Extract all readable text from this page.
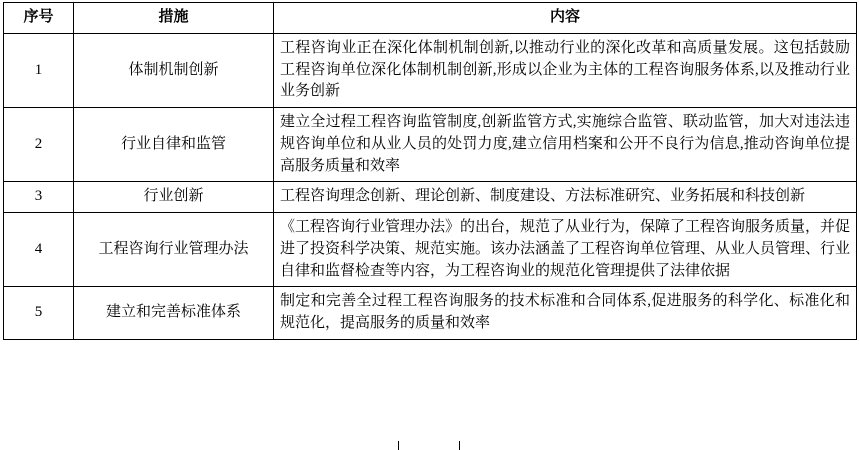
序号	措施	内容
1	体制机制创新	工程咨询业正在深化体制机制创新,以推动行业的深化改革和高质量发展。这包括鼓励工程咨询单位深化体制机制创新,形成以企业为主体的工程咨询服务体系,以及推动行业业务创新
2	行业自律和监管	建立全过程工程咨询监管制度,创新监管方式,实施综合监管、联动监管，加大对违法违规咨询单位和从业人员的处罚力度,建立信用档案和公开不良行为信息,推动咨询单位提高服务质量和效率
3	行业创新	工程咨询理念创新、理论创新、制度建设、方法标准研究、业务拓展和科技创新
4	工程咨询行业管理办法	《工程咨询行业管理办法》的出台，规范了从业行为，保障了工程咨询服务质量，并促进了投资科学决策、规范实施。该办法涵盖了工程咨询单位管理、从业人员管理、行业自律和监督检查等内容，为工程咨询业的规范化管理提供了法律依据
5	建立和完善标准体系	制定和完善全过程工程咨询服务的技术标准和合同体系,促进服务的科学化、标准化和规范化，提高服务的质量和效率
